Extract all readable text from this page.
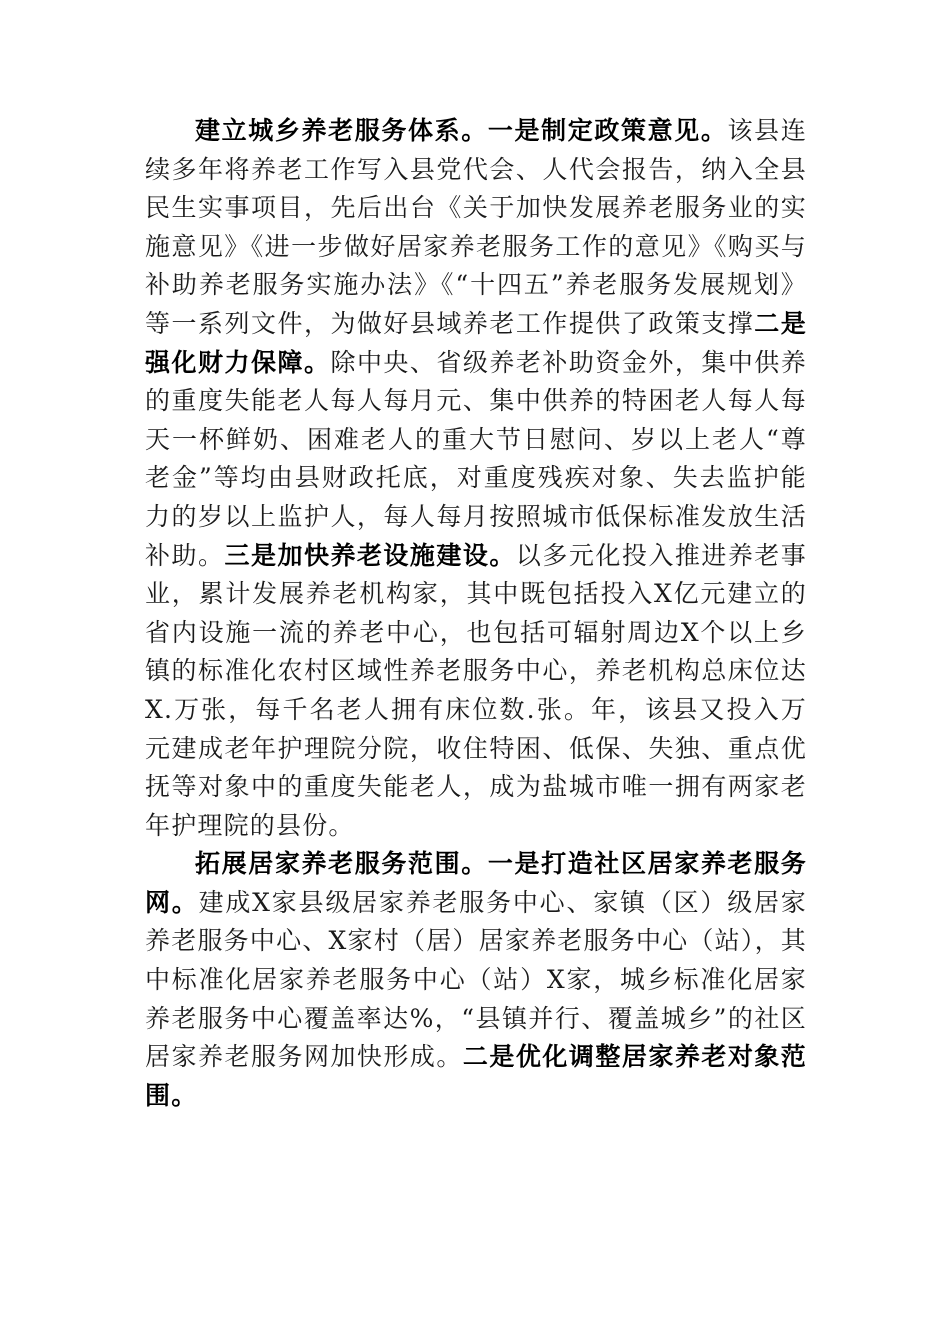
建立城乡养老服务体系。一是制定政策意见。该县连续多年将养老工作写入县党代会、人代会报告，纳入全县民生实事项目，先后出台《关于加快发展养老服务业的实施意见》《进一步做好居家养老服务工作的意见》《购买与补助养老服务实施办法》《“十四五”养老服务发展规划》等一系列文件，为做好县域养老工作提供了政策支撑二是强化财力保障。除中央、省级养老补助资金外，集中供养的重度失能老人每人每月元、集中供养的特困老人每人每天一杯鲜奶、困难老人的重大节日慰问、岁以上老人“尊老金”等均由县财政托底，对重度残疾对象、失去监护能力的岁以上监护人，每人每月按照城市低保标准发放生活补助。三是加快养老设施建设。以多元化投入推进养老事业，累计发展养老机构家，其中既包括投入X亿元建立的省内设施一流的养老中心，也包括可辐射周边X个以上乡镇的标准化农村区域性养老服务中心，养老机构总床位达X.万张，每千名老人拥有床位数.张。年，该县又投入万元建成老年护理院分院，收住特困、低保、失独、重点优抚等对象中的重度失能老人，成为盐城市唯一拥有两家老年护理院的县份。

拓展居家养老服务范围。一是打造社区居家养老服务网。建成X家县级居家养老服务中心、家镇（区）级居家养老服务中心、X家村（居）居家养老服务中心（站），其中标准化居家养老服务中心（站）X家，城乡标准化居家养老服务中心覆盖率达%，“县镇并行、覆盖城乡”的社区居家养老服务网加快形成。二是优化调整居家养老对象范围。
